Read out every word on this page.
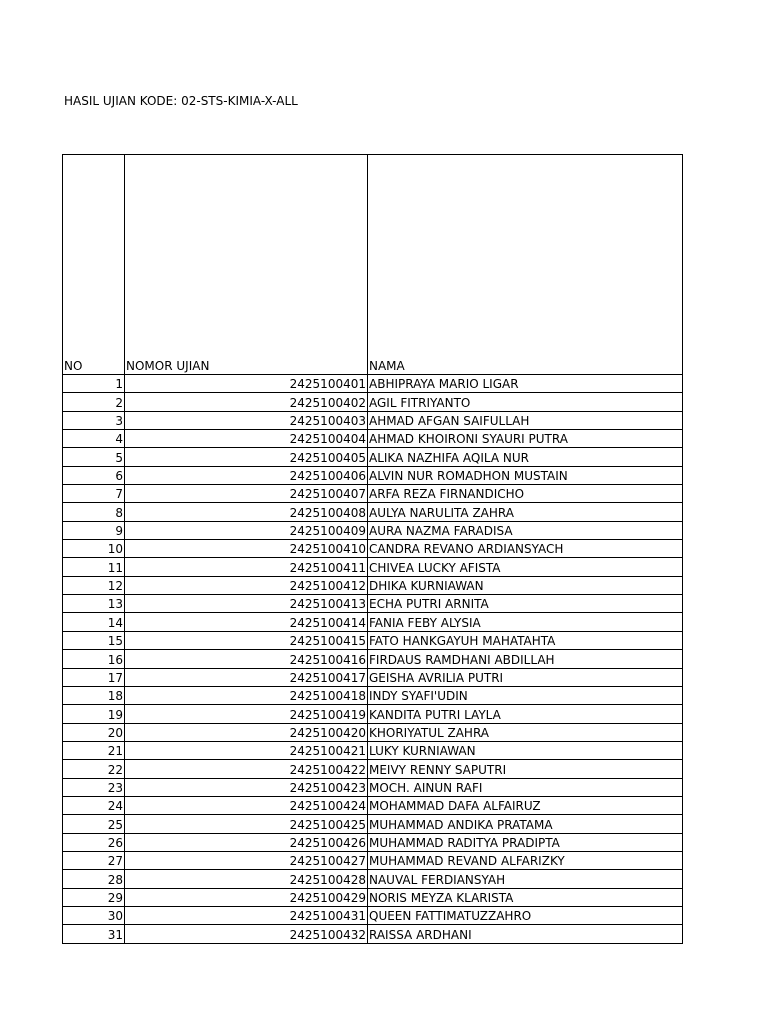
HASIL UJIAN KODE: 02-STS-KIMIA-X-ALL
NO	NOMOR UJIAN	NAMA
1	2425100401	ABHIPRAYA MARIO LIGAR
2	2425100402	AGIL FITRIYANTO
3	2425100403	AHMAD AFGAN SAIFULLAH
4	2425100404	AHMAD KHOIRONI SYAURI PUTRA
5	2425100405	ALIKA NAZHIFA AQILA NUR
6	2425100406	ALVIN NUR ROMADHON MUSTAIN
7	2425100407	ARFA REZA FIRNANDICHO
8	2425100408	AULYA NARULITA ZAHRA
9	2425100409	AURA NAZMA FARADISA
10	2425100410	CANDRA REVANO ARDIANSYACH
11	2425100411	CHIVEA LUCKY AFISTA
12	2425100412	DHIKA KURNIAWAN
13	2425100413	ECHA PUTRI ARNITA
14	2425100414	FANIA FEBY ALYSIA
15	2425100415	FATO HANKGAYUH MAHATAHTA
16	2425100416	FIRDAUS RAMDHANI ABDILLAH
17	2425100417	GEISHA AVRILIA PUTRI
18	2425100418	INDY SYAFI'UDIN
19	2425100419	KANDITA PUTRI LAYLA
20	2425100420	KHORIYATUL ZAHRA
21	2425100421	LUKY KURNIAWAN
22	2425100422	MEIVY RENNY SAPUTRI
23	2425100423	MOCH. AINUN RAFI
24	2425100424	MOHAMMAD DAFA ALFAIRUZ
25	2425100425	MUHAMMAD ANDIKA PRATAMA
26	2425100426	MUHAMMAD RADITYA PRADIPTA
27	2425100427	MUHAMMAD REVAND ALFARIZKY
28	2425100428	NAUVAL FERDIANSYAH
29	2425100429	NORIS MEYZA KLARISTA
30	2425100431	QUEEN FATTIMATUZZAHRO
31	2425100432	RAISSA ARDHANI
